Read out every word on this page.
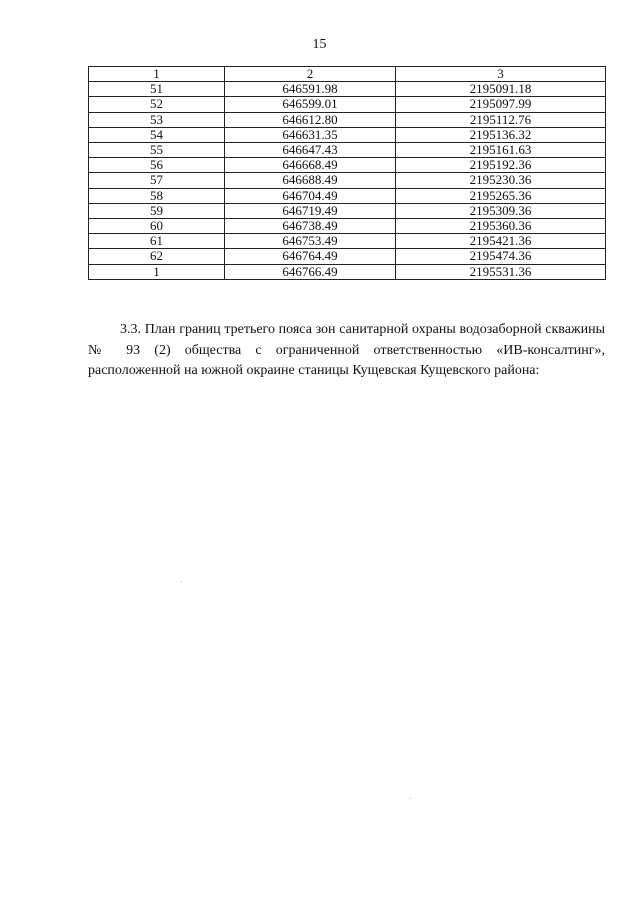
15
1	2	3
51	646591.98	2195091.18
52	646599.01	2195097.99
53	646612.80	2195112.76
54	646631.35	2195136.32
55	646647.43	2195161.63
56	646668.49	2195192.36
57	646688.49	2195230.36
58	646704.49	2195265.36
59	646719.49	2195309.36
60	646738.49	2195360.36
61	646753.49	2195421.36
62	646764.49	2195474.36
1	646766.49	2195531.36

3.3. План границ третьего пояса зон санитарной охраны водозаборной скважины № 93 (2) общества с ограниченной ответственностью «ИВ-консалтинг», расположенной на южной окраине станицы Кущевская Кущевского района:
